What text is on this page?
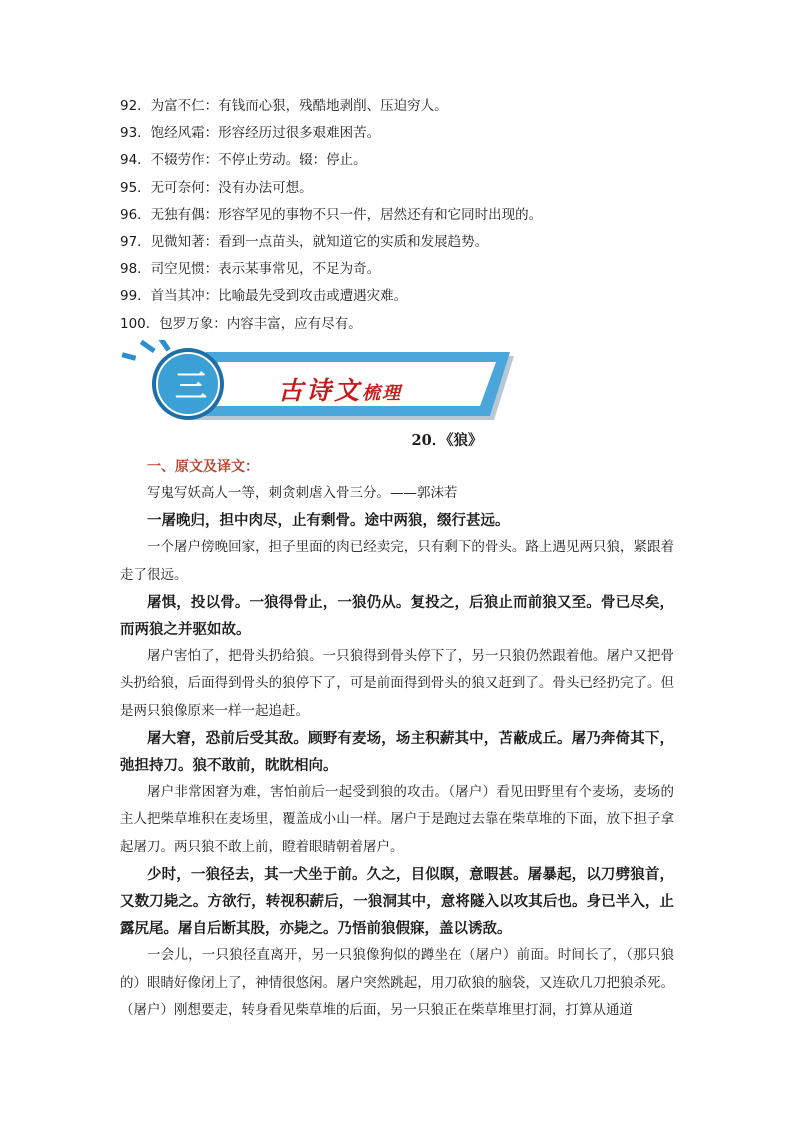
92．为富不仁：有钱而心狠，残酷地剥削、压迫穷人。
93．饱经风霜：形容经历过很多艰难困苦。
94．不辍劳作：不停止劳动。辍：停止。
95．无可奈何：没有办法可想。
96．无独有偶：形容罕见的事物不只一件，居然还有和它同时出现的。
97．见微知著：看到一点苗头，就知道它的实质和发展趋势。
98．司空见惯：表示某事常见，不足为奇。
99．首当其冲：比喻最先受到攻击或遭遇灾难。
100．包罗万象：内容丰富，应有尽有。
三	古诗文梳理
20．《狼》
一、原文及译文：

写鬼写妖高人一等，刺贪刺虐入骨三分。——郭沫若

一屠晚归，担中肉尽，止有剩骨。途中两狼，缀行甚远。

一个屠户傍晚回家，担子里面的肉已经卖完，只有剩下的骨头。路上遇见两只狼，紧跟着走了很远。

屠惧，投以骨。一狼得骨止，一狼仍从。复投之，后狼止而前狼又至。骨已尽矣，而两狼之并驱如故。

屠户害怕了，把骨头扔给狼。一只狼得到骨头停下了，另一只狼仍然跟着他。屠户又把骨头扔给狼，后面得到骨头的狼停下了，可是前面得到骨头的狼又赶到了。骨头已经扔完了。但是两只狼像原来一样一起追赶。

屠大窘，恐前后受其敌。顾野有麦场，场主积薪其中，苫蔽成丘。屠乃奔倚其下，弛担持刀。狼不敢前，眈眈相向。

屠户非常困窘为难，害怕前后一起受到狼的攻击。（屠户）看见田野里有个麦场，麦场的主人把柴草堆积在麦场里，覆盖成小山一样。屠户于是跑过去靠在柴草堆的下面，放下担子拿起屠刀。两只狼不敢上前，瞪着眼睛朝着屠户。

少时，一狼径去，其一犬坐于前。久之，目似瞑，意暇甚。屠暴起，以刀劈狼首，又数刀毙之。方欲行，转视积薪后，一狼洞其中，意将隧入以攻其后也。身已半入，止露尻尾。屠自后断其股，亦毙之。乃悟前狼假寐，盖以诱敌。

一会儿，一只狼径直离开，另一只狼像狗似的蹲坐在（屠户）前面。时间长了，（那只狼的）眼睛好像闭上了，神情很悠闲。屠户突然跳起，用刀砍狼的脑袋，又连砍几刀把狼杀死。（屠户）刚想要走，转身看见柴草堆的后面，另一只狼正在柴草堆里打洞，打算从通道
